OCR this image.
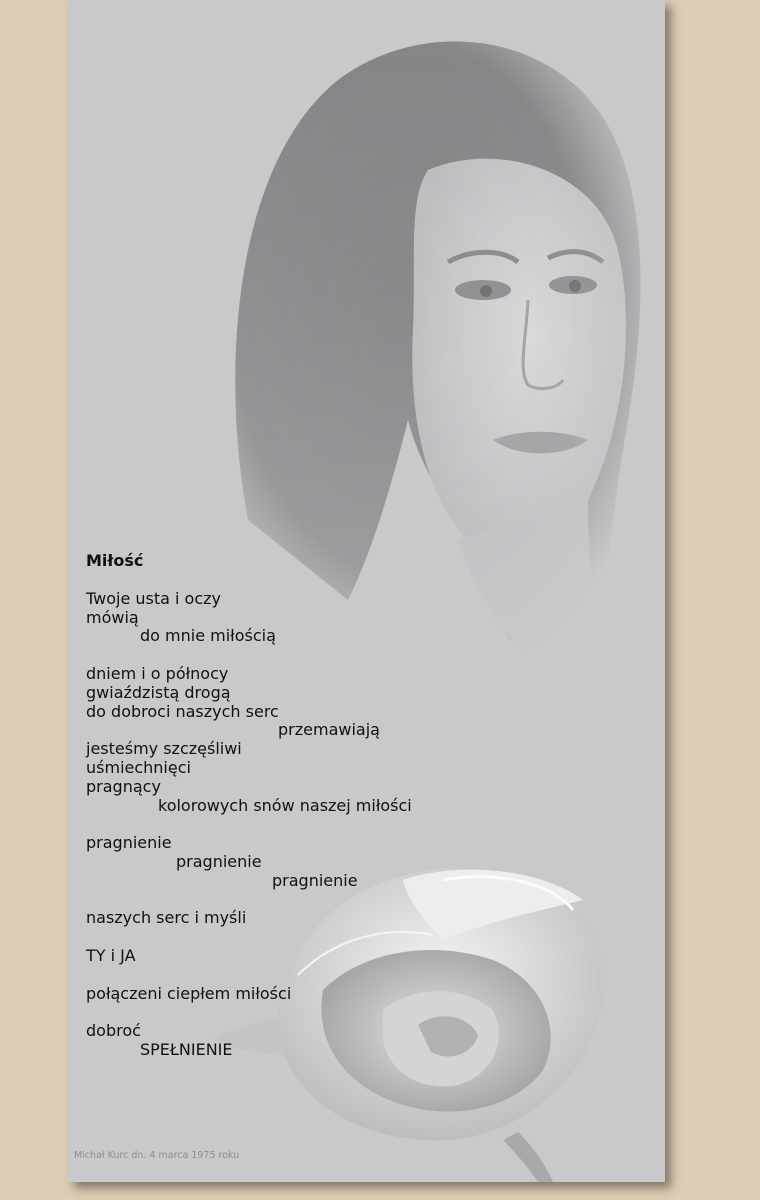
Miłość
Twoje usta i oczy
mówią
do mnie miłością
dniem i o północy
gwiaździstą drogą
do dobroci naszych serc
przemawiają
jesteśmy szczęśliwi
uśmiechnięci
pragnący
kolorowych snów naszej miłości
pragnienie
pragnienie
pragnienie
naszych serc i myśli
TY i JA
połączeni ciepłem miłości
dobroć
SPEŁNIENIE
Michał Kurc dn. 4 marca 1975 roku
